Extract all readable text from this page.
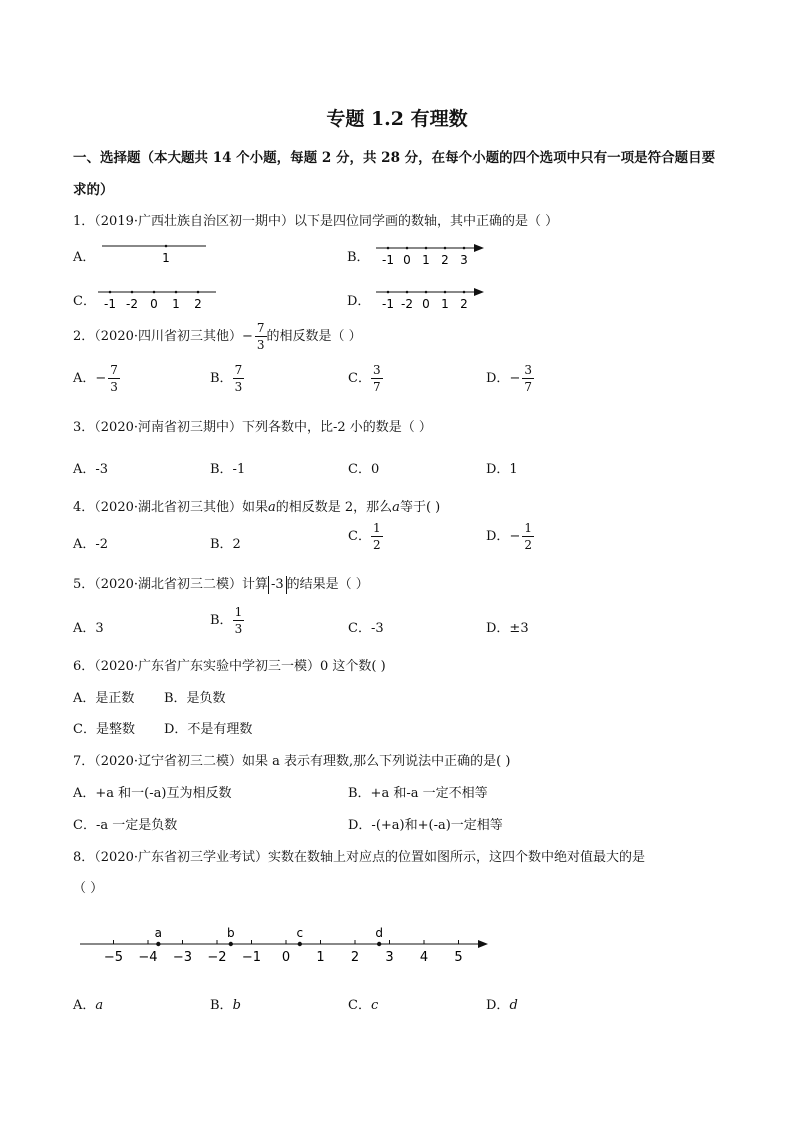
专题 1.2 有理数
一、选择题（本大题共 14 个小题，每题 2 分，共 28 分，在每个小题的四个选项中只有一项是符合题目要
求的）
1．（2019·广西壮族自治区初一期中）以下是四位同学画的数轴，其中正确的是（ ）
A．	1	B． -1 0 1 2 3
C． -1 -2 0 1 2	D． -1 -2 0 1 2
2．（2020·四川省初三其他）− $\frac{7}{3}$ 的相反数是（ ）
A．− $\frac{7}{3}$	B． $\frac{7}{3}$	C． $\frac{3}{7}$	D．− $\frac{3}{7}$
3．（2020·河南省初三期中）下列各数中，比-2 小的数是（ ）
A．-3	B．-1	C．0	D．1
4．（2020·湖北省初三其他）如果a的相反数是 2，那么a等于( )
A．-2	B．2
C． $\frac{1}{2}$	D．− $\frac{1}{2}$
5．（2020·湖北省初三二模）计算 -3 的结果是（ ）
A．3
B． $\frac{1}{3}$	C．-3	D．±3
6．（2020·广东省广东实验中学初三一模）0 这个数( )
A．是正数 B．是负数
C．是整数 D．不是有理数
7．（2020·辽宁省初三二模）如果 a 表示有理数,那么下列说法中正确的是( )
A．+a 和一(-a)互为相反数	B．+a 和-a 一定不相等
C．-a 一定是负数	D．-(+a)和+(-a)一定相等
8．（2020·广东省初三学业考试）实数在数轴上对应点的位置如图所示，这四个数中绝对值最大的是
（ ）
−5 −4 −3 −2 −1 0 1 2 3 4 5
a	b	c	d
A．a	B．b	C．c	D．d
